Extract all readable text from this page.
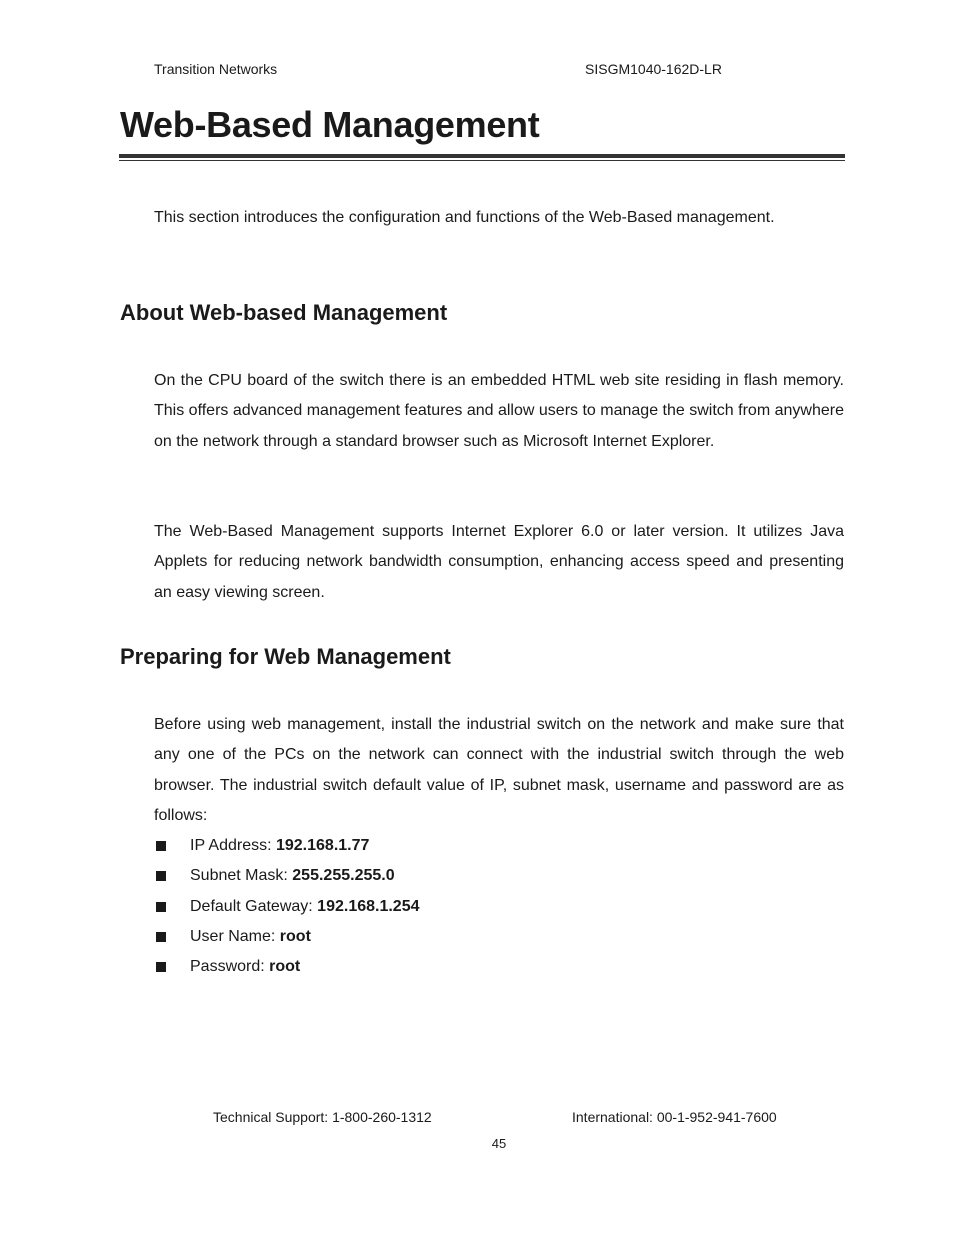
Transition Networks	SISGM1040-162D-LR
Web-Based Management

This section introduces the configuration and functions of the Web-Based management.

About Web-based Management

On the CPU board of the switch there is an embedded HTML web site residing in flash memory. This offers advanced management features and allow users to manage the switch from anywhere on the network through a standard browser such as Microsoft Internet Explorer.

The Web-Based Management supports Internet Explorer 6.0 or later version. It utilizes Java Applets for reducing network bandwidth consumption, enhancing access speed and presenting an easy viewing screen.

Preparing for Web Management

Before using web management, install the industrial switch on the network and make sure that any one of the PCs on the network can connect with the industrial switch through the web browser. The industrial switch default value of IP, subnet mask, username and password are as follows:

IP Address: 192.168.1.77
Subnet Mask: 255.255.255.0
Default Gateway: 192.168.1.254
User Name: root
Password: root
Technical Support: 1-800-260-1312	International: 00-1-952-941-7600
45
